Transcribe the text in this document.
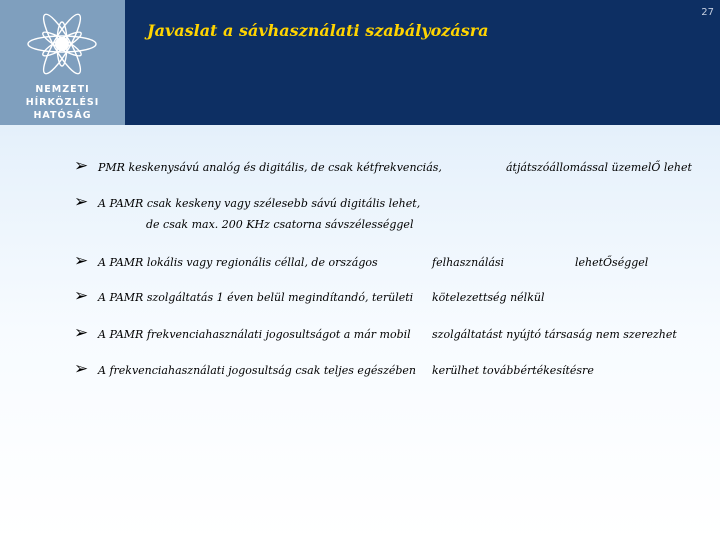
NEMZETI
HÍRKÖZLÉSI
HATÓSÁG
Javaslat a sávhasználati szabályozásra
27
➢ PMR keskenysávú analóg és digitális, de csak kétfrekvenciás,	átjátszóállomással üzemelŐ lehet
➢ A PAMR csak keskeny vagy szélesebb sávú digitális lehet,
de csak max. 200 KHz csatorna sávszélességgel
➢ A PAMR lokális vagy regionális céllal, de országos	felhasználási	lehetŐséggel
➢ A PAMR szolgáltatás 1 éven belül megindítandó, területi kötelezettség nélkül
➢ A PAMR frekvenciahasználati jogosultságot a már mobil szolgáltatást nyújtó társaság nem szerezhet
➢ A frekvenciahasználati jogosultság csak teljes egészében kerülhet továbbértékesítésre
